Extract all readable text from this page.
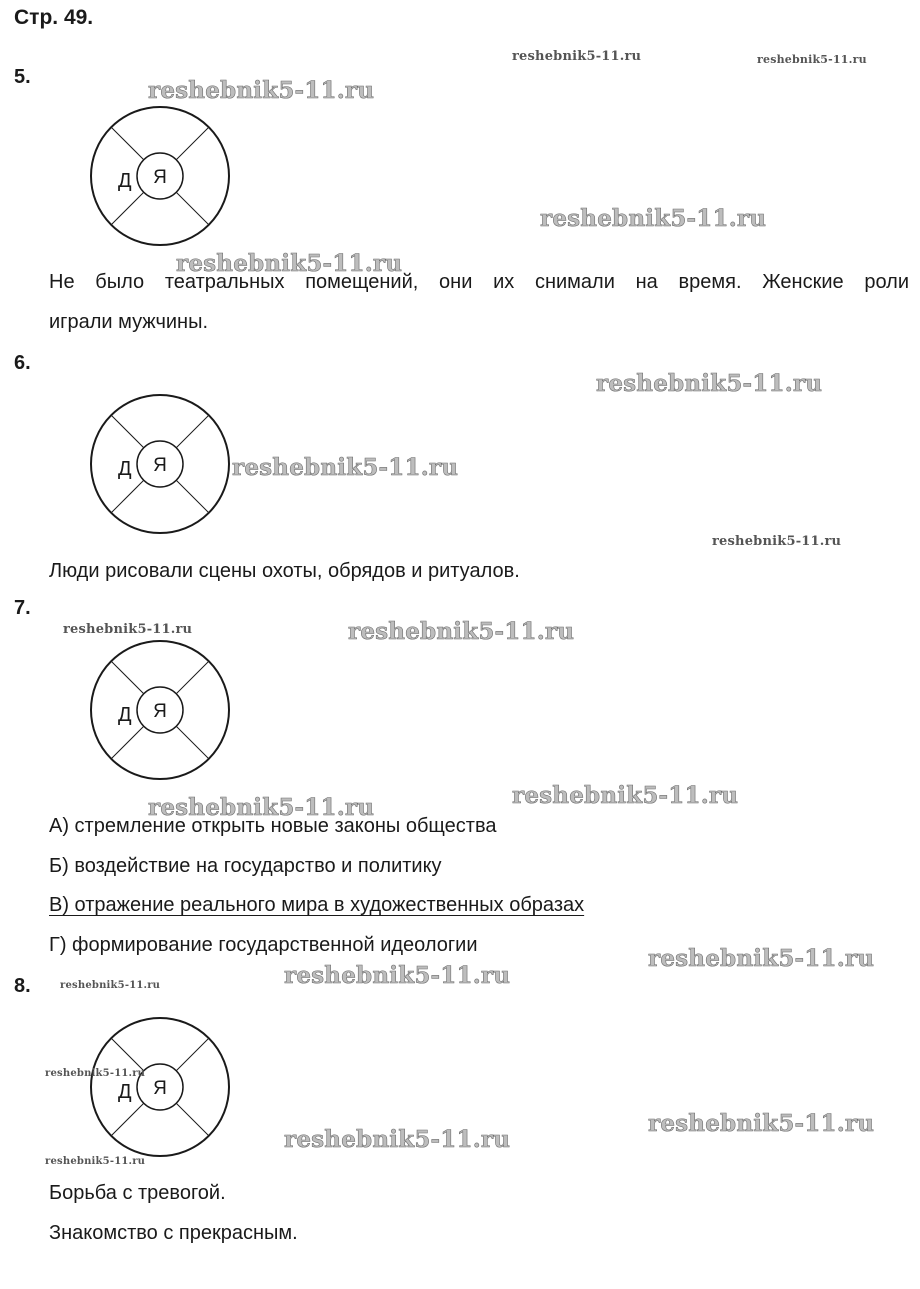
Стр. 49.
5.
Д Я
Не было театральных помещений, они их снимали на время. Женские роли
играли мужчины.
6.
Д Я
Люди рисовали сцены охоты, обрядов и ритуалов.
7.
Д Я
А) стремление открыть новые законы общества
Б) воздействие на государство и политику
В) отражение реального мира в художественных образах
Г) формирование государственной идеологии
8.
Д Я
Борьба с тревогой.
Знакомство с прекрасным.
reshebnik5-11.ru	reshebnik5-11.ru
reshebnik5-11.ru
reshebnik5-11.ru
reshebnik5-11.ru
reshebnik5-11.ru
reshebnik5-11.ru
reshebnik5-11.ru
reshebnik5-11.ru	reshebnik5-11.ru
reshebnik5-11.ru	reshebnik5-11.ru
reshebnik5-11.ru
reshebnik5-11.ru
reshebnik5-11.ru
reshebnik5-11.ru
reshebnik5-11.ru
reshebnik5-11.ru
reshebnik5-11.ru
